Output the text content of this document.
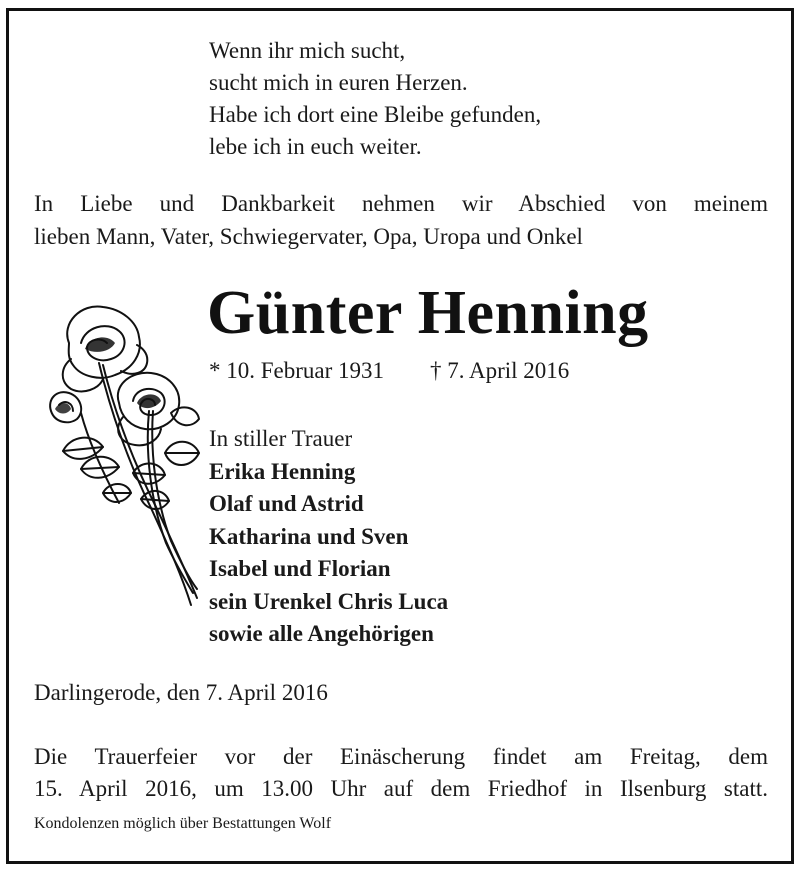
Wenn ihr mich sucht,
sucht mich in euren Herzen.
Habe ich dort eine Bleibe gefunden,
lebe ich in euch weiter.
In Liebe und Dankbarkeit nehmen wir Abschied von meinem
lieben Mann, Vater, Schwiegervater, Opa, Uropa und Onkel
Günter Henning
* 10. Februar 1931 † 7. April 2016
In stiller Trauer
Erika Henning
Olaf und Astrid
Katharina und Sven
Isabel und Florian
sein Urenkel Chris Luca
sowie alle Angehörigen
Darlingerode, den 7. April 2016
Die Trauerfeier vor der Einäscherung findet am Freitag, dem
15. April 2016, um 13.00 Uhr auf dem Friedhof in Ilsenburg statt.
Kondolenzen möglich über Bestattungen Wolf
